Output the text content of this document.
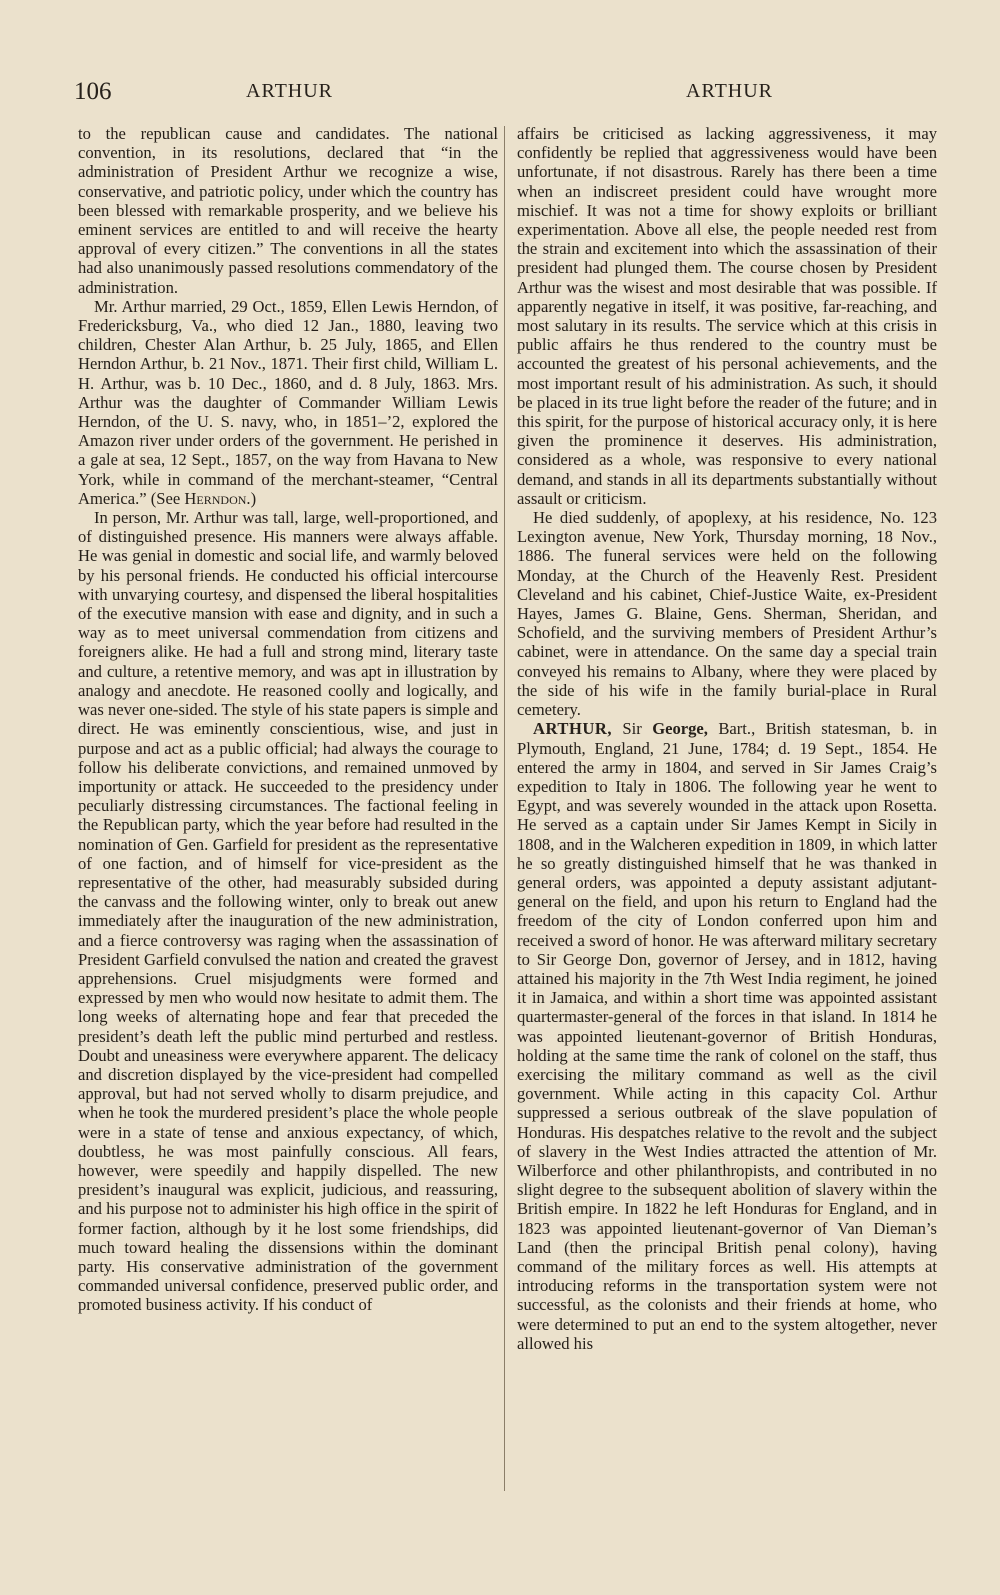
106	ARTHUR	ARTHUR

to the republican cause and candidates. The national convention, in its resolutions, declared that “in the administration of President Arthur we recognize a wise, conservative, and patriotic policy, under which the country has been blessed with remarkable prosperity, and we believe his eminent services are entitled to and will receive the hearty approval of every citizen.” The conventions in all the states had also unanimously passed resolutions commendatory of the administration.

Mr. Arthur married, 29 Oct., 1859, Ellen Lewis Herndon, of Fredericksburg, Va., who died 12 Jan., 1880, leaving two children, Chester Alan Arthur, b. 25 July, 1865, and Ellen Herndon Arthur, b. 21 Nov., 1871. Their first child, William L. H. Arthur, was b. 10 Dec., 1860, and d. 8 July, 1863. Mrs. Arthur was the daughter of Commander William Lewis Herndon, of the U. S. navy, who, in 1851–’2, explored the Amazon river under orders of the government. He perished in a gale at sea, 12 Sept., 1857, on the way from Havana to New York, while in command of the merchant-steamer, “Central America.” (See Herndon.)

In person, Mr. Arthur was tall, large, well-proportioned, and of distinguished presence. His manners were always affable. He was genial in domestic and social life, and warmly beloved by his personal friends. He conducted his official intercourse with unvarying courtesy, and dispensed the liberal hospitalities of the executive mansion with ease and dignity, and in such a way as to meet universal commendation from citizens and foreigners alike. He had a full and strong mind, literary taste and culture, a retentive memory, and was apt in illustration by analogy and anecdote. He reasoned coolly and logically, and was never one-sided. The style of his state papers is simple and direct. He was eminently conscientious, wise, and just in purpose and act as a public official; had always the courage to follow his deliberate convictions, and remained unmoved by importunity or attack. He succeeded to the presidency under peculiarly distressing circumstances. The factional feeling in the Republican party, which the year before had resulted in the nomination of Gen. Garfield for president as the representative of one faction, and of himself for vice-president as the representative of the other, had measurably subsided during the canvass and the following winter, only to break out anew immediately after the inauguration of the new administration, and a fierce controversy was raging when the assassination of President Garfield convulsed the nation and created the gravest apprehensions. Cruel misjudgments were formed and expressed by men who would now hesitate to admit them. The long weeks of alternating hope and fear that preceded the president’s death left the public mind perturbed and restless. Doubt and uneasiness were everywhere apparent. The delicacy and discretion displayed by the vice-president had compelled approval, but had not served wholly to disarm prejudice, and when he took the murdered president’s place the whole people were in a state of tense and anxious expectancy, of which, doubtless, he was most painfully conscious. All fears, however, were speedily and happily dispelled. The new president’s inaugural was explicit, judicious, and reassuring, and his purpose not to administer his high office in the spirit of former faction, although by it he lost some friendships, did much toward healing the dissensions within the dominant party. His conservative administration of the government commanded universal confidence, preserved public order, and promoted business activity. If his conduct of

affairs be criticised as lacking aggressiveness, it may confidently be replied that aggressiveness would have been unfortunate, if not disastrous. Rarely has there been a time when an indiscreet president could have wrought more mischief. It was not a time for showy exploits or brilliant experimentation. Above all else, the people needed rest from the strain and excitement into which the assassination of their president had plunged them. The course chosen by President Arthur was the wisest and most desirable that was possible. If apparently negative in itself, it was positive, far-reaching, and most salutary in its results. The service which at this crisis in public affairs he thus rendered to the country must be accounted the greatest of his personal achievements, and the most important result of his administration. As such, it should be placed in its true light before the reader of the future; and in this spirit, for the purpose of historical accuracy only, it is here given the prominence it deserves. His administration, considered as a whole, was responsive to every national demand, and stands in all its departments substantially without assault or criticism.

He died suddenly, of apoplexy, at his residence, No. 123 Lexington avenue, New York, Thursday morning, 18 Nov., 1886. The funeral services were held on the following Monday, at the Church of the Heavenly Rest. President Cleveland and his cabinet, Chief-Justice Waite, ex-President Hayes, James G. Blaine, Gens. Sherman, Sheridan, and Schofield, and the surviving members of President Arthur’s cabinet, were in attendance. On the same day a special train conveyed his remains to Albany, where they were placed by the side of his wife in the family burial-place in Rural cemetery.

ARTHUR, Sir George, Bart., British statesman, b. in Plymouth, England, 21 June, 1784; d. 19 Sept., 1854. He entered the army in 1804, and served in Sir James Craig’s expedition to Italy in 1806. The following year he went to Egypt, and was severely wounded in the attack upon Rosetta. He served as a captain under Sir James Kempt in Sicily in 1808, and in the Walcheren expedition in 1809, in which latter he so greatly distinguished himself that he was thanked in general orders, was appointed a deputy assistant adjutant-general on the field, and upon his return to England had the freedom of the city of London conferred upon him and received a sword of honor. He was afterward military secretary to Sir George Don, governor of Jersey, and in 1812, having attained his majority in the 7th West India regiment, he joined it in Jamaica, and within a short time was appointed assistant quartermaster-general of the forces in that island. In 1814 he was appointed lieutenant-governor of British Honduras, holding at the same time the rank of colonel on the staff, thus exercising the military command as well as the civil government. While acting in this capacity Col. Arthur suppressed a serious outbreak of the slave population of Honduras. His despatches relative to the revolt and the subject of slavery in the West Indies attracted the attention of Mr. Wilberforce and other philanthropists, and contributed in no slight degree to the subsequent abolition of slavery within the British empire. In 1822 he left Honduras for England, and in 1823 was appointed lieutenant-governor of Van Dieman’s Land (then the principal British penal colony), having command of the military forces as well. His attempts at introducing reforms in the transportation system were not successful, as the colonists and their friends at home, who were determined to put an end to the system altogether, never allowed his
